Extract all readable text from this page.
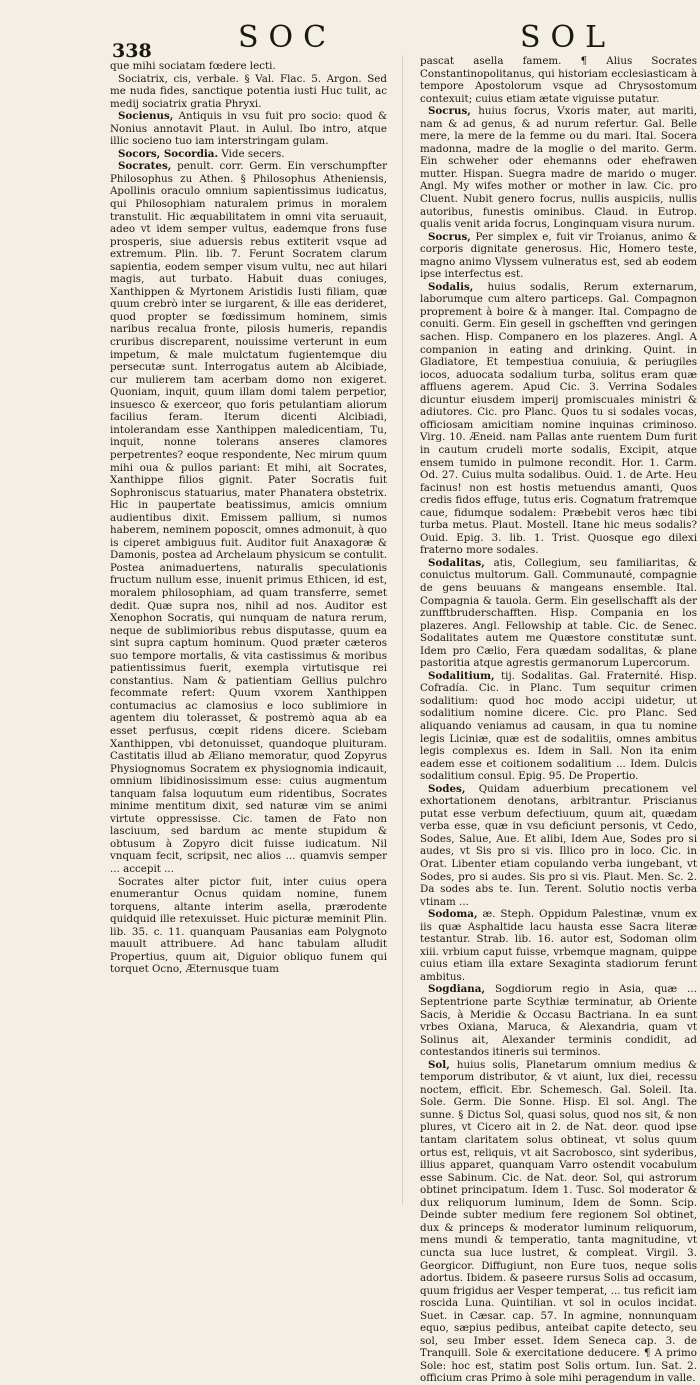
338	SOC	SOL

que mihi sociatam fœdere lecti.

Sociatrix, cis, verbale. § Val. Flac. 5. Argon. Sed me nuda fides, sanctique potentia iusti Huc tulit, ac medij sociatrix gratia Phryxi.

Socienus, Antiquis in vsu fuit pro socio: quod & Nonius annotavit Plaut. in Aulul. Ibo intro, atque illic socieno tuo iam interstringam gulam.

Socors, Socordia. Vide secers.

Socrates, penult. corr. Germ. Ein verschumpfter Philosophus zu Athen. § Philosophus Atheniensis, Apollinis oraculo omnium sapientissimus iudicatus, qui Philosophiam naturalem primus in moralem transtulit. Hic æquabilitatem in omni vita seruauit, adeo vt idem semper vultus, eademque frons fuse prosperis, siue aduersis rebus extiterit vsque ad extremum. Plin. lib. 7. Ferunt Socratem clarum sapientia, eodem semper visum vultu, nec aut hilari magis, aut turbato. Habuit duas coniuges, Xanthippen & Myrtonem Aristidis Iusti filiam, quæ quum crebrò inter se iurgarent, & ille eas derideret, quod propter se fœdissimum hominem, simis naribus recalua fronte, pilosis humeris, repandis cruribus discreparent, nouissime verterunt in eum impetum, & male mulctatum fugientemque diu persecutæ sunt. Interrogatus autem ab Alcibiade, cur mulierem tam acerbam domo non exigeret. Quoniam, inquit, quum illam domi talem perpetior, insuesco & exerceor, quo foris petulantiam aliorum facilius feram. Iterum dicenti Alcibiadi, intolerandam esse Xanthippen maledicentiam, Tu, inquit, nonne tolerans anseres clamores perpetrentes? eoque respondente, Nec mirum quum mihi oua & pullos pariant: Et mihi, ait Socrates, Xanthippe filios gignit. Pater Socratis fuit Sophroniscus statuarius, mater Phanatera obstetrix. Hic in paupertate beatissimus, amicis omnium audientibus dixit. Emissem pallium, si numos haberem, neminem poposcit, omnes admonuit, à quo is ciperet ambiguus fuit. Auditor fuit Anaxagoræ & Damonis, postea ad Archelaum physicum se contulit. Postea animaduertens, naturalis speculationis fructum nullum esse, inuenit primus Ethicen, id est, moralem philosophiam, ad quam transferre, semet dedit. Quæ supra nos, nihil ad nos. Auditor est Xenophon Socratis, qui nunquam de natura rerum, neque de sublimioribus rebus disputasse, quum ea sint supra captum hominum. Quod præter cæteros suo tempore mortalis, & vita castissimus & moribus patientissimus fuerit, exempla virtutisque rei constantius. Nam & patientiam Gellius pulchro fecommate refert: Quum vxorem Xanthippen contumacius ac clamosius e loco sublimiore in agentem diu tolerasset, & postremò aqua ab ea esset perfusus, cœpit ridens dicere. Sciebam Xanthippen, vbi detonuisset, quandoque pluituram. Castitatis illud ab Æliano memoratur, quod Zopyrus Physiognomus Socratem ex physiognomia indicauit, omnium libidinosissimum esse: cuius augmentum tanquam falsa loquutum eum ridentibus, Socrates minime mentitum dixit, sed naturæ vim se animi virtute oppressisse. Cic. tamen de Fato non lasciuum, sed bardum ac mente stupidum & obtusum à Zopyro dicit fuisse iudicatum. Nil vnquam fecit, scripsit, nec alios ... quamvis semper ... accepit ...

Socrates alter pictor fuit, inter cuius opera enumerantur Ocnus quidam nomine, funem torquens, altante interim asella, prærodente quidquid ille retexuisset. Huic picturæ meminit Plin. lib. 35. c. 11. quanquam Pausanias eam Polygnoto mauult attribuere. Ad hanc tabulam alludit Propertius, quum ait, Diguior obliquo funem qui torquet Ocno, Æternusque tuam

pascat asella famem. ¶ Alius Socrates Constantinopolitanus, qui historiam ecclesiasticam à tempore Apostolorum vsque ad Chrysostomum contexuit; cuius etiam ætate viguisse putatur.

Socrus, huius focrus, Vxoris mater, aut mariti, nam & ad genus, & ad nurum refertur. Gal. Belle mere, la mere de la femme ou du mari. Ital. Socera madonna, madre de la moglie o del marito. Germ. Ein schweher oder ehemanns oder ehefrawen mutter. Hispan. Suegra madre de marido o muger. Angl. My wifes mother or mother in law. Cic. pro Cluent. Nubit genero focrus, nullis auspiciis, nullis autoribus, funestis ominibus. Claud. in Eutrop. qualis venit arida focrus, Longinquam visura nurum.

Socrus, Per simplex e, fuit vir Troianus, animo & corporis dignitate generosus. Hic, Homero teste, magno animo Vlyssem vulneratus est, sed ab eodem ipse interfectus est.

Sodalis, huius sodalis, Rerum externarum, laborumque cum altero particeps. Gal. Compagnon proprement à boire & à manger. Ital. Compagno de conuiti. Germ. Ein gesell in gschefften vnd geringen sachen. Hisp. Companero en los plazeres. Angl. A companion in eating and drinking. Quint. in Gladiatore, Et tempestiua conuiuia, & periugiles iocos, aduocata sodalium turba, solitus eram quæ affluens agerem. Apud Cic. 3. Verrina Sodales dicuntur eiusdem imperij promiscuales ministri & adiutores. Cic. pro Planc. Quos tu si sodales vocas, officiosam amicitiam nomine inquinas criminoso. Virg. 10. Æneid. nam Pallas ante ruentem Dum furit in cautum crudeli morte sodalis, Excipit, atque ensem tumido in pulmone recondit. Hor. 1. Carm. Od. 27. Cuius multa sodalibus. Ouid. 1. de Arte. Heu facinus! non est hostis metuendus amanti, Quos credis fidos effuge, tutus eris. Cognatum fratremque caue, fidumque sodalem: Præbebit veros hæc tibi turba metus. Plaut. Mostell. Itane hic meus sodalis? Ouid. Epig. 3. lib. 1. Trist. Quosque ego dilexi fraterno more sodales.

Sodalitas, atis, Collegium, seu familiaritas, & conuictus multorum. Gall. Communauté, compagnie de gens beuuans & mangeans ensemble. Ital. Compagnia & tauola. Germ. Ein gesellschafft als der zunfftbruderschafften. Hisp. Compania en los plazeres. Angl. Fellowship at table. Cic. de Senec. Sodalitates autem me Quæstore constitutæ sunt. Idem pro Cælio, Fera quædam sodalitas, & plane pastoritia atque agrestis germanorum Lupercorum.

Sodalitium, tij. Sodalitas. Gal. Fraternité. Hisp. Cofradía. Cic. in Planc. Tum sequitur crimen sodalitium: quod hoc modo accipi uidetur, ut sodalitium nomine dicere. Cic. pro Planc. Sed aliquando veniamus ad causam, in qua tu nomine legis Liciniæ, quæ est de sodalitiis, omnes ambitus legis complexus es. Idem in Sall. Non ita enim eadem esse et coitionem sodalitium ... Idem. Dulcis sodalitium consul. Epig. 95. De Propertio.

Sodes, Quidam aduerbium precationem vel exhortationem denotans, arbitrantur. Priscianus putat esse verbum defectiuum, quum ait, quædam verba esse, quæ in vsu deficiunt personis, vt Cedo, Sodes, Salue, Aue. Et alibi, Idem Aue, Sodes pro si audes, vt Sis pro si vis. Illico pro in loco. Cic. in Orat. Libenter etiam copulando verba iungebant, vt Sodes, pro si audes. Sis pro si vis. Plaut. Men. Sc. 2. Da sodes abs te. Iun. Terent. Solutio noctis verba vtinam ...

Sodoma, æ. Steph. Oppidum Palestinæ, vnum ex iis quæ Asphaltide lacu hausta esse Sacra literæ testantur. Strab. lib. 16. autor est, Sodoman olim xiii. vrbium caput fuisse, vrbemque magnam, quippe cuius etiam illa extare Sexaginta stadiorum ferunt ambitus.

Sogdiana, Sogdiorum regio in Asia, quæ ... Septentrione parte Scythiæ terminatur, ab Oriente Sacis, à Meridie & Occasu Bactriana. In ea sunt vrbes Oxiana, Maruca, & Alexandria, quam vt Solinus ait, Alexander terminis condidit, ad contestandos itineris sui terminos.

Sol, huius solis, Planetarum omnium medius & temporum distributor, & vt aiunt, lux diei, recessu noctem, efficit. Ebr. Schemesch. Gal. Soleil. Ita. Sole. Germ. Die Sonne. Hisp. El sol. Angl. The sunne. § Dictus Sol, quasi solus, quod nos sit, & non plures, vt Cicero ait in 2. de Nat. deor. quod ipse tantam claritatem solus obtineat, vt solus quum ortus est, reliquis, vt ait Sacrobosco, sint syderibus, illius apparet, quanquam Varro ostendit vocabulum esse Sabinum. Cic. de Nat. deor. Sol, qui astrorum obtinet principatum. Idem 1. Tusc. Sol moderator & dux reliquorum luminum, Idem de Somn. Scip. Deinde subter medium fere regionem Sol obtinet, dux & princeps & moderator luminum reliquorum, mens mundi & temperatio, tanta magnitudine, vt cuncta sua luce lustret, & compleat. Virgil. 3. Georgicor. Diffugiunt, non Eure tuos, neque solis adortus. Ibidem. & paseere rursus Solis ad occasum, quum frigidus aer Vesper temperat, ... tus reficit iam roscida Luna. Quintilian. vt sol in oculos incidat. Suet. in Cæsar. cap. 57. In agmine, nonnunquam equo, sæpius pedibus, anteibat capite detecto, seu sol, seu Imber esset. Idem Seneca cap. 3. de Tranquill. Sole & exercitatione deducere. ¶ A primo Sole: hoc est, statim post Solis ortum. Iun. Sat. 2. officium cras Primo à sole mihi peragendum in valle.
